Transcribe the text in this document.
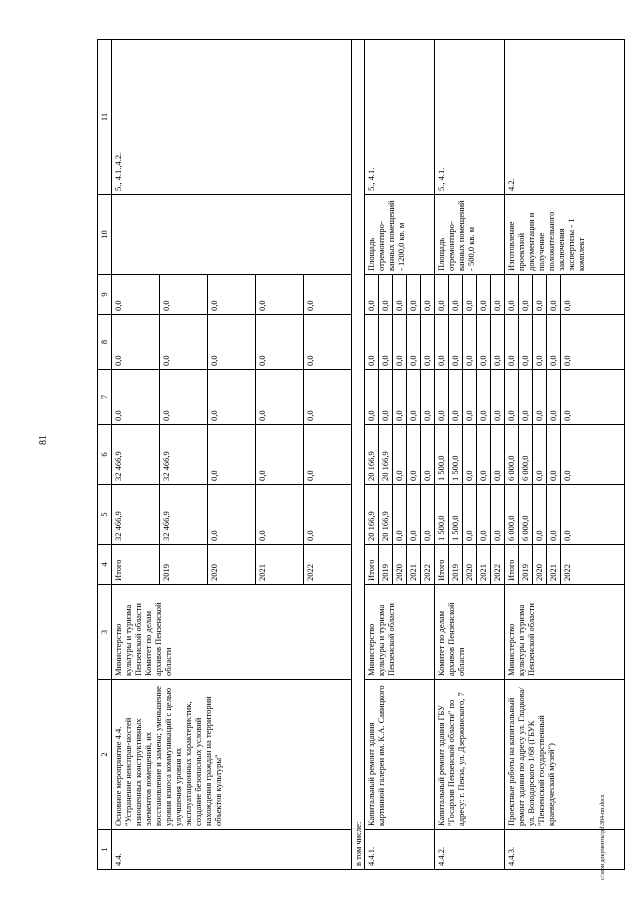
81
1	2	3	4	5	6	7	8	9	10	11
4.4.	Основное мероприятие 4.4. "Устранение неисправ-ностей изношенных конструктивных элементов помещений, их восстановление и замена; уменьшение уровня износа коммуникаций с целью улучшения уровня их эксплуатационных характеристик, создание безопасных условий нахождения граждан на территории объектов культуры"	Министерство культуры и туризма Пензенской области Комитет по делам архивов Пензенской области	Итого	32 466,9	32 466,9	0,0	0,0	0,0		5., 4.1.,4.2.
			2019	32 466,9	32 466,9	0,0	0,0	0,0		
			2020	0,0	0,0	0,0	0,0	0,0		
			2021	0,0	0,0	0,0	0,0	0,0		
			2022	0,0	0,0	0,0	0,0	0,0		
в том числе:										
4.4.1.	Капитальный ремонт здания картинной галереи им. К.А. Савицкого	Министерство культуры и туризма Пензенской области	Итого	20 166,9	20 166,9	0,0	0,0	0,0	Площадь отремонтиро-ванных помещений - 1200,0 кв. м	5., 4.1.
			2019	20 166,9	20 166,9	0,0	0,0	0,0		
			2020	0,0	0,0	0,0	0,0	0,0		
			2021	0,0	0,0	0,0	0,0	0,0		
			2022	0,0	0,0	0,0	0,0	0,0		
4.4.2.	Капитальный ремонт здания ГБУ "Госархив Пензенской области" по адресу: г. Пенза, ул. Дзержинского, 7	Комитет по делам архивов Пензенской области	Итого	1 500,0	1 500,0	0,0	0,0	0,0	Площадь отремонтиро-ванных помещений - 500,0 кв. м	5., 4.1.
			2019	1 500,0	1 500,0	0,0	0,0	0,0		
			2020	0,0	0,0	0,0	0,0	0,0		
			2021	0,0	0,0	0,0	0,0	0,0		
			2022	0,0	0,0	0,0	0,0	0,0		
4.4.3.	Проектные работы на капитальный ремонт здания по адресу ул. Гладкова/ ул. Володарского 1/68 (ГБУК "Пензенский государственный краеведческий музей")	Министерство культуры и туризма Пензенской области	Итого	6 000,0	6 000,0	0,0	0,0	0,0	Изготовление проектной документации и получение положительного заключения экспертизы - 1 комплект	4.2.
			2019	6 000,0	6 000,0	0,0	0,0	0,0		
			2020	0,0	0,0	0,0	0,0	0,0		
			2021	0,0	0,0	0,0	0,0	0,0		
			2022	0,0	0,0	0,0	0,0	0,0		
c:\мои документы\pd\384-пп.docx
